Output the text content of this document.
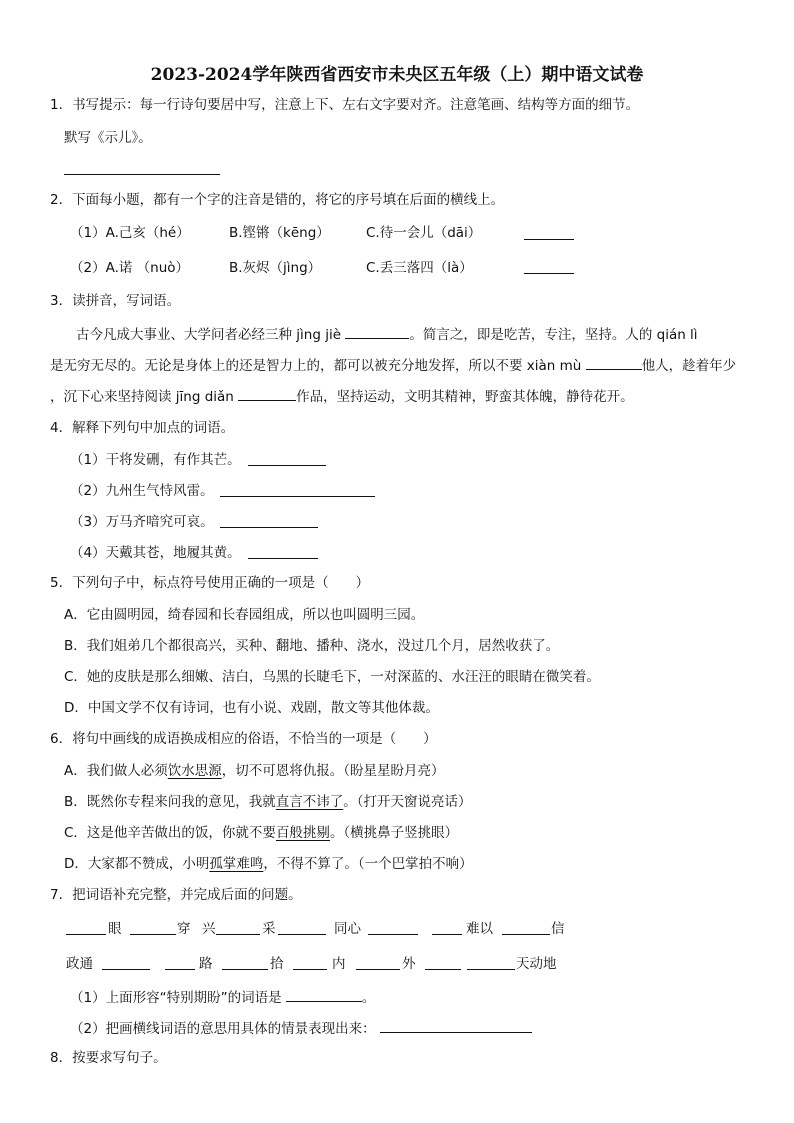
2023-2024学年陕西省西安市未央区五年级（上）期中语文试卷
1．书写提示：每一行诗句要居中写，注意上下、左右文字要对齐。注意笔画、结构等方面的细节。
默写《示儿》。
2．下面每小题，都有一个字的注音是错的，将它的序号填在后面的横线上。
（1）A.己亥（hé）	B.铿锵（kēng）	C.待一会儿（dāi）
（2）A.诺 （nuò）	B.灰烬（jìng）	C.丢三落四（là）
3．读拼音，写词语。
古今凡成大事业、大学问者必经三种 jìng jiè	。简言之，即是吃苦，专注，坚持。人的 qián lì
是无穷无尽的。无论是身体上的还是智力上的，都可以被充分地发挥，所以不要 xiàn mù	他人，趁着年少
，沉下心来坚持阅读 jīng diǎn	作品，坚持运动，文明其精神，野蛮其体魄，静待花开。
4．解释下列句中加点的词语。
（1）干将发硎，有作其芒。
（2）九州生气恃风雷。
（3）万马齐喑究可哀。
（4）天戴其苍，地履其黄。
5．下列句子中，标点符号使用正确的一项是（　　）
A．它由圆明园，绮春园和长春园组成，所以也叫圆明三园。
B．我们姐弟几个都很高兴，买种、翻地、播种、浇水，没过几个月，居然收获了。
C．她的皮肤是那么细嫩、洁白，乌黑的长睫毛下，一对深蓝的、水汪汪的眼睛在微笑着。
D．中国文学不仅有诗词，也有小说、戏剧，散文等其他体裁。
6．将句中画线的成语换成相应的俗语，不恰当的一项是（　　）
A．我们做人必须饮水思源，切不可恩将仇报。（盼星星盼月亮）
B．既然你专程来问我的意见，我就直言不讳了。（打开天窗说亮话）
C．这是他辛苦做出的饭，你就不要百般挑剔。（横挑鼻子竖挑眼）
D．大家都不赞成，小明孤掌难鸣，不得不算了。（一个巴掌拍不响）
7．把词语补充完整，并完成后面的问题。
眼	穿 兴	采	同心	难以	信
政通	路	拾	内	外	天动地
（1）上面形容“特别期盼”的词语是	。
（2）把画横线词语的意思用具体的情景表现出来：
8．按要求写句子。
